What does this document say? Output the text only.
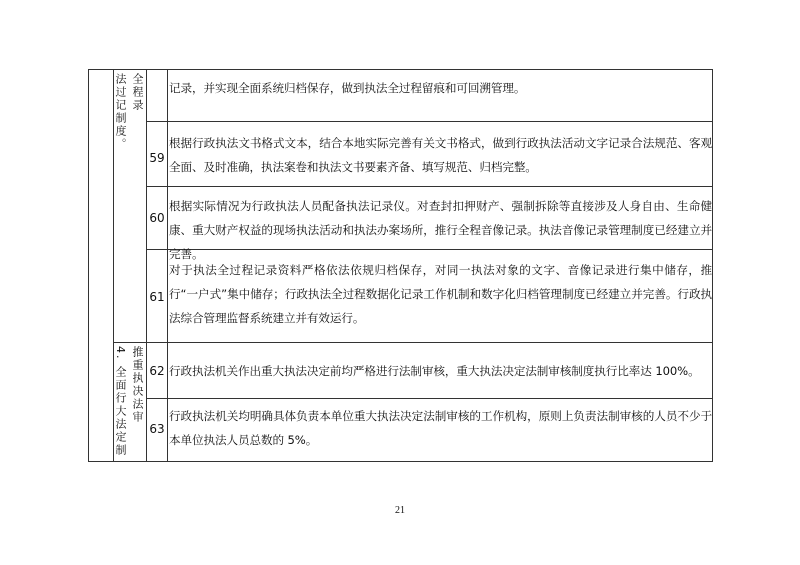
法过记制度。 全程录
4. 全面行大法定制 推重执决法审
59
60
61
62
63
记录，并实现全面系统归档保存，做到执法全过程留痕和可回溯管理。
根据行政执法文书格式文本，结合本地实际完善有关文书格式，做到行政执法活动文字记录合法规范、客观全面、及时准确，执法案卷和执法文书要素齐备、填写规范、归档完整。
根据实际情况为行政执法人员配备执法记录仪。对查封扣押财产、强制拆除等直接涉及人身自由、生命健康、重大财产权益的现场执法活动和执法办案场所，推行全程音像记录。执法音像记录管理制度已经建立并完善。
对于执法全过程记录资料严格依法依规归档保存，对同一执法对象的文字、音像记录进行集中储存，推行“一户式”集中储存；行政执法全过程数据化记录工作机制和数字化归档管理制度已经建立并完善。行政执法综合管理监督系统建立并有效运行。
行政执法机关作出重大执法决定前均严格进行法制审核，重大执法决定法制审核制度执行比率达 100%。
行政执法机关均明确具体负责本单位重大执法决定法制审核的工作机构，原则上负责法制审核的人员不少于本单位执法人员总数的 5%。
21
